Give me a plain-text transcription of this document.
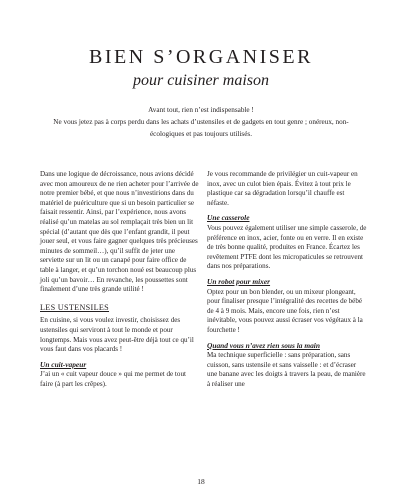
BIEN S’ORGANISER
pour cuisiner maison

Avant tout, rien n’est indispensable !

Ne vous jetez pas à corps perdu dans les achats d’ustensiles et de gadgets en tout genre ; onéreux, non-écologiques et pas toujours utilisés.

Dans une logique de décroissance, nous avions décidé avec mon amoureux de ne rien acheter pour l’arrivée de notre premier bébé, et que nous n’investirions dans du matériel de puériculture que si un besoin particulier se faisait ressentir. Ainsi, par l’expérience, nous avons réalisé qu’un matelas au sol remplaçait très bien un lit spécial (d’autant que dès que l’enfant grandit, il peut jouer seul, et vous faire gagner quelques très précieuses minutes de sommeil…), qu’il suffit de jeter une serviette sur un lit ou un canapé pour faire office de table à langer, et qu’un torchon noué est beaucoup plus joli qu’un bavoir… En revanche, les poussettes sont finalement d’une très grande utilité !

LES USTENSILES

En cuisine, si vous voulez investir, choisissez des ustensiles qui serviront à tout le monde et pour longtemps. Mais vous avez peut-être déjà tout ce qu’il vous faut dans vos placards !

Un cuit-vapeur

J’ai un « cuit vapeur douce » qui me permet de tout faire (à part les crêpes).

Je vous recommande de privilégier un cuit-vapeur en inox, avec un culot bien épais. Évitez à tout prix le plastique car sa dégradation lorsqu’il chauffe est néfaste.

Une casserole

Vous pouvez également utiliser une simple casserole, de préférence en inox, acier, fonte ou en verre. Il en existe de très bonne qualité, produites en France. Écartez les revêtement PTFE dont les micropaticules se retrouvent dans nos préparations.

Un robot pour mixer

Optez pour un bon blender, ou un mixeur plongeant, pour finaliser presque l’intégralité des recettes de bébé de 4 à 9 mois. Mais, encore une fois, rien n’est inévitable, vous pouvez aussi écraser vos végétaux à la fourchette !

Quand vous n’avez rien sous la main

Ma technique superficielle : sans préparation, sans cuisson, sans ustensile et sans vaisselle : et d’écraser une banane avec les doigts à travers la peau, de manière à réaliser une

18
